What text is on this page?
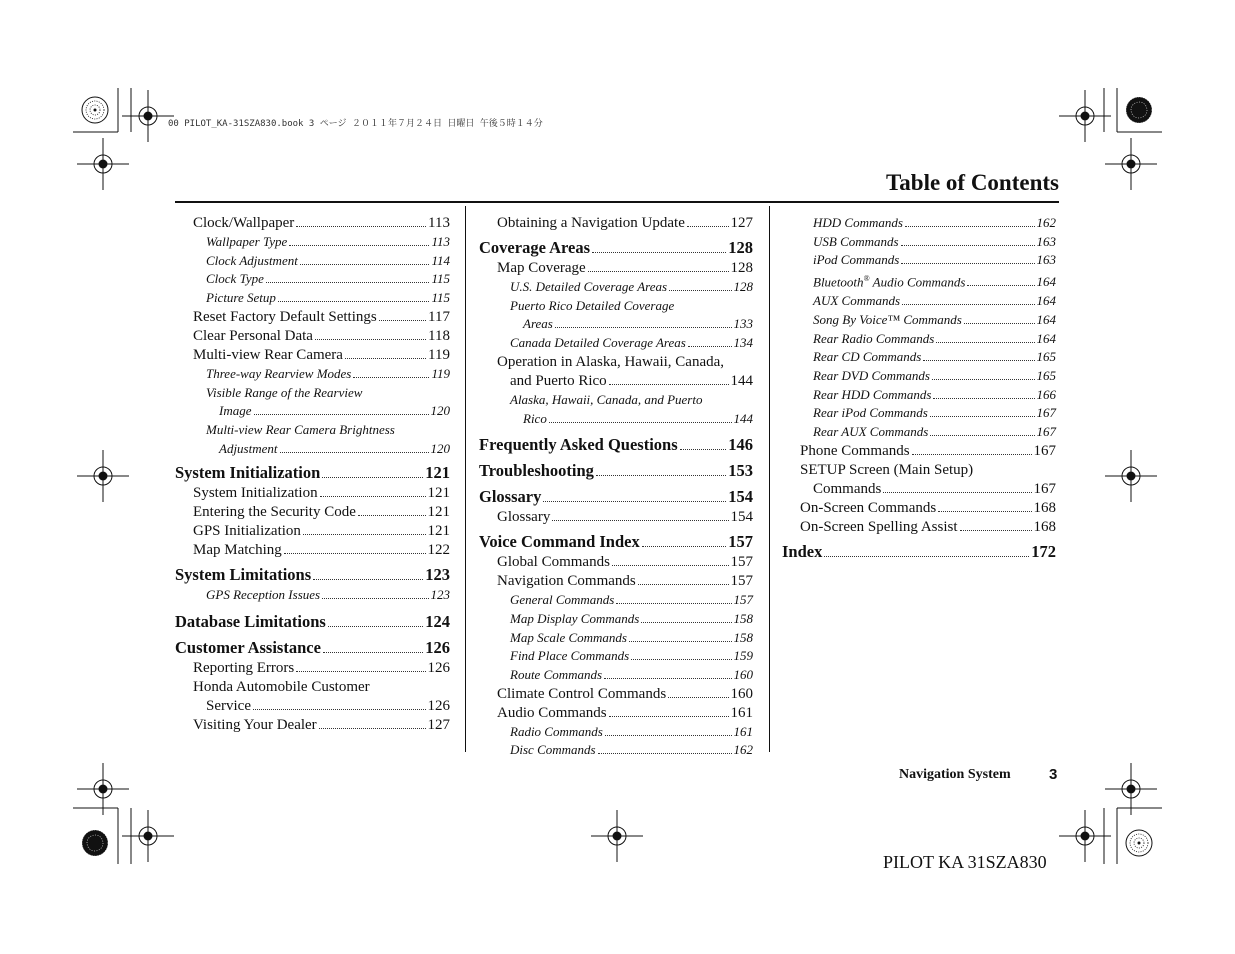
00 PILOT_KA-31SZA830.book 3 ページ ２０１１年７月２４日 日曜日 午後５時１４分
Table of Contents
Clock/Wallpaper	113
Wallpaper Type	113
Clock Adjustment	114
Clock Type	115
Picture Setup	115
Reset Factory Default Settings	117
Clear Personal Data	118
Multi-view Rear Camera	119
Three-way Rearview Modes	119
Visible Range of the Rearview
Image	120
Multi-view Rear Camera Brightness
Adjustment	120
System Initialization	121
System Initialization	121
Entering the Security Code	121
GPS Initialization	121
Map Matching	122
System Limitations	123
GPS Reception Issues	123
Database Limitations	124
Customer Assistance	126
Reporting Errors	126
Honda Automobile Customer
Service	126
Visiting Your Dealer	127
Obtaining a Navigation Update	127
Coverage Areas	128
Map Coverage	128
U.S. Detailed Coverage Areas	128
Puerto Rico Detailed Coverage
Areas	133
Canada Detailed Coverage Areas	134
Operation in Alaska, Hawaii, Canada,
and Puerto Rico	144
Alaska, Hawaii, Canada, and Puerto
Rico	144
Frequently Asked Questions	146
Troubleshooting	153
Glossary	154
Glossary	154
Voice Command Index	157
Global Commands	157
Navigation Commands	157
General Commands	157
Map Display Commands	158
Map Scale Commands	158
Find Place Commands	159
Route Commands	160
Climate Control Commands	160
Audio Commands	161
Radio Commands	161
Disc Commands	162
HDD Commands	162
USB Commands	163
iPod Commands	163
Bluetooth® Audio Commands	164
AUX Commands	164
Song By Voice™ Commands	164
Rear Radio Commands	164
Rear CD Commands	165
Rear DVD Commands	165
Rear HDD Commands	166
Rear iPod Commands	167
Rear AUX Commands	167
Phone Commands	167
SETUP Screen (Main Setup)
Commands	167
On-Screen Commands	168
On-Screen Spelling Assist	168
Index	172
Navigation System	3
PILOT KA 31SZA830
